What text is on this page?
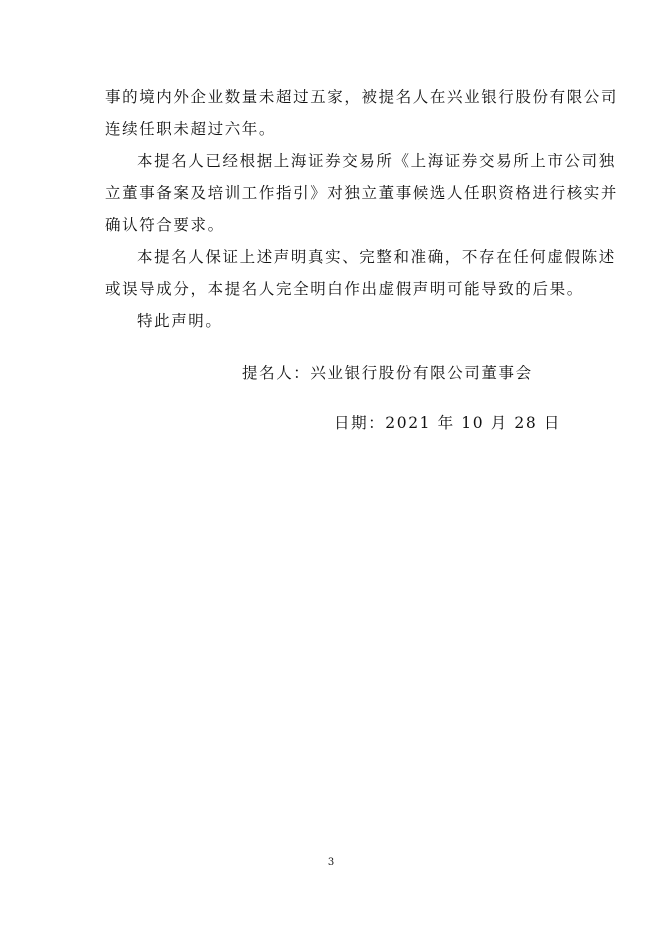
事的境内外企业数量未超过五家，被提名人在兴业银行股份有限公司
连续任职未超过六年。
本提名人已经根据上海证券交易所《上海证券交易所上市公司独
立董事备案及培训工作指引》对独立董事候选人任职资格进行核实并
确认符合要求。
本提名人保证上述声明真实、完整和准确，不存在任何虚假陈述
或误导成分，本提名人完全明白作出虚假声明可能导致的后果。
特此声明。
提名人：兴业银行股份有限公司董事会
日期：2021 年 10 月 28 日
3
